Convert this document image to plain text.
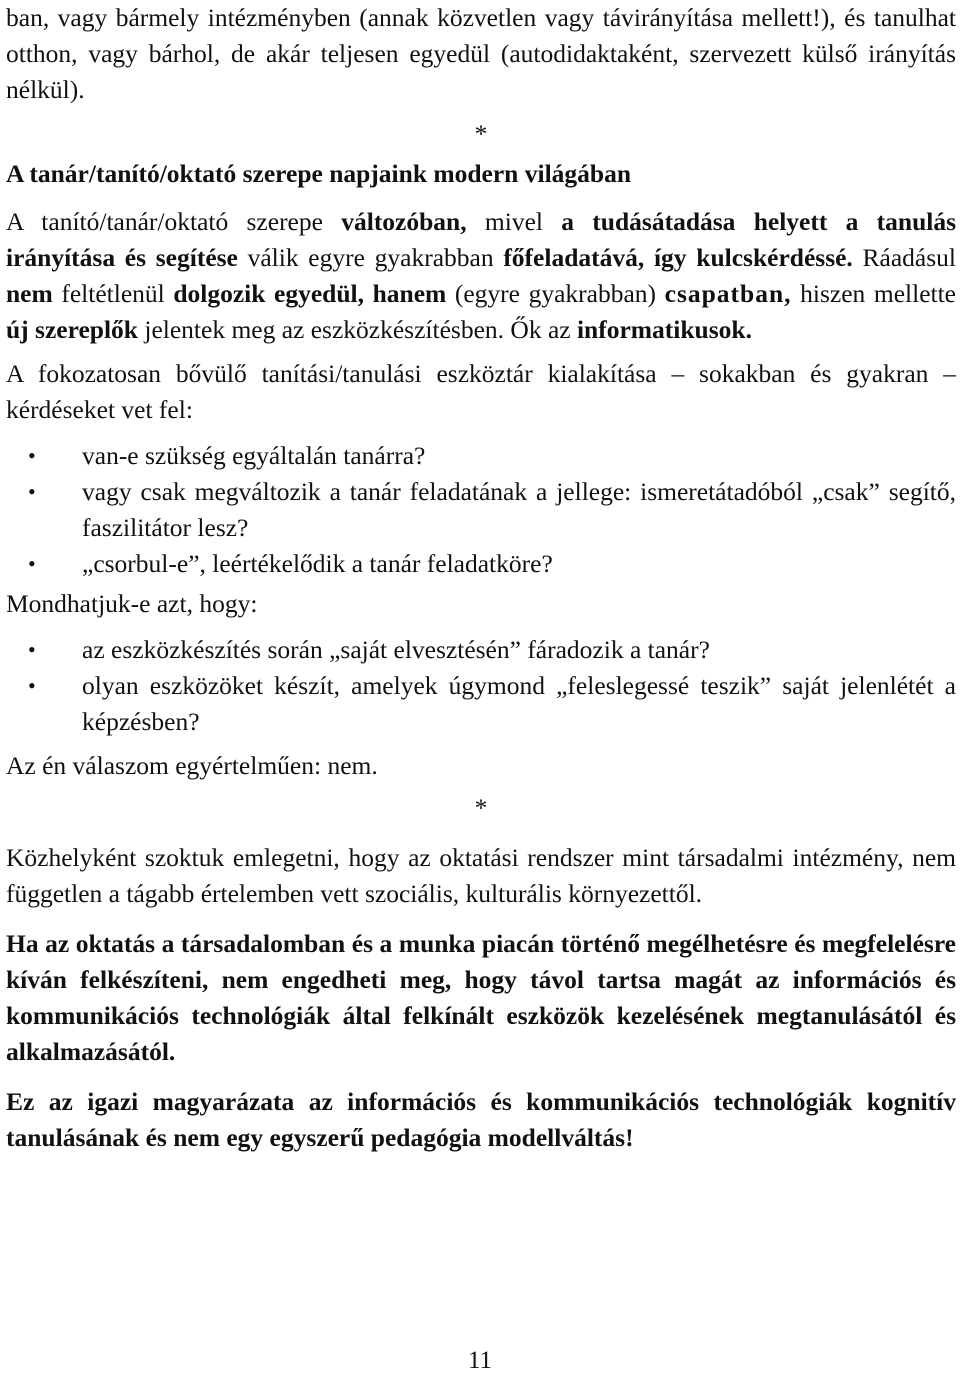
ban, vagy bármely intézményben (annak közvetlen vagy távirányítása mellett!), és tanulhat otthon, vagy bárhol, de akár teljesen egyedül (autodidaktaként, szervezett külső irányítás nélkül).

*

A tanár/tanító/oktató szerepe napjaink modern világában

A tanító/tanár/oktató szerepe változóban, mivel a tudásátadása helyett a tanulás irányítása és segítése válik egyre gyakrabban főfeladatává, így kulcskérdéssé. Ráadásul nem feltétlenül dolgozik egyedül, hanem (egyre gyakrabban) csapatban, hiszen mellette új szereplők jelentek meg az eszközkészítésben. Ők az informatikusok.

A fokozatosan bővülő tanítási/tanulási eszköztár kialakítása – sokakban és gyakran – kérdéseket vet fel:

• van-e szükség egyáltalán tanárra?
• vagy csak megváltozik a tanár feladatának a jellege: ismeretátadóból „csak” segítő, faszilitátor lesz?
• „csorbul-e”, leértékelődik a tanár feladatköre?

Mondhatjuk-e azt, hogy:

• az eszközkészítés során „saját elvesztésén” fáradozik a tanár?
• olyan eszközöket készít, amelyek úgymond „feleslegessé teszik” saját jelenlétét a képzésben?

Az én válaszom egyértelműen: nem.

*

Közhelyként szoktuk emlegetni, hogy az oktatási rendszer mint társadalmi intézmény, nem független a tágabb értelemben vett szociális, kulturális környezettől.

Ha az oktatás a társadalomban és a munka piacán történő megélhetésre és megfelelésre kíván felkészíteni, nem engedheti meg, hogy távol tartsa magát az információs és kommunikációs technológiák által felkínált eszközök kezelésének megtanulásától és alkalmazásától.

Ez az igazi magyarázata az információs és kommunikációs technológiák kognitív tanulásának és nem egy egyszerű pedagógia modellváltás!

11
